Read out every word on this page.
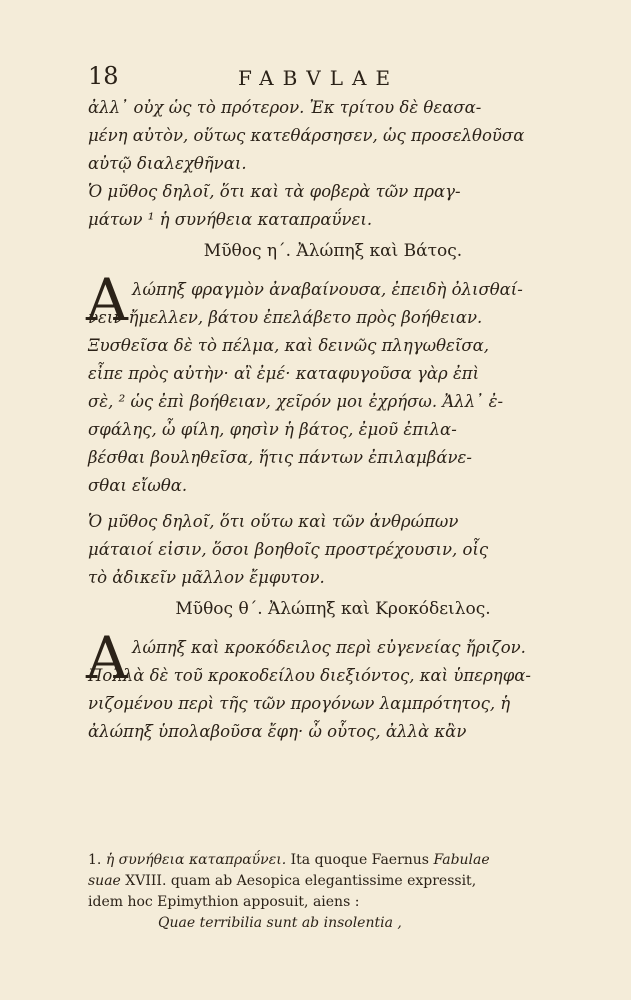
18	FABVLAE
ἀλλ᾽ οὐχ ὡς τὸ πρότερον. Ἐκ τρίτου δὲ θεασα-
μένη αὐτὸν, οὕτως κατεθάρσησεν, ὡς προσελθοῦσα
αὐτῷ διαλεχθῆναι.
Ὁ μῦθος δηλοῖ, ὅτι καὶ τὰ φοβερὰ τῶν πραγ-
μάτων ¹ ἡ συνήθεια καταπραΰνει.
Μῦθος η΄. Ἀλώπηξ καὶ Βάτος.
Α λώπηξ φραγμὸν ἀναβαίνουσα, ἐπειδὴ ὀλισθαί-
νειν ἤμελλεν, βάτου ἐπελάβετο πρὸς βοήθειαν.
Ξυσθεῖσα δὲ τὸ πέλμα, καὶ δεινῶς πληγωθεῖσα,
εἶπε πρὸς αὐτὴν· αἲ ἐμέ· καταφυγοῦσα γὰρ ἐπὶ
σὲ, ² ὡς ἐπὶ βοήθειαν, χεῖρόν μοι ἐχρήσω. Ἀλλ᾽ ἐ-
σφάλης, ὦ φίλη, φησὶν ἡ βάτος, ἐμοῦ ἐπιλα-
βέσθαι βουληθεῖσα, ἥτις πάντων ἐπιλαμβάνε-
σθαι εἴωθα.
Ὁ μῦθος δηλοῖ, ὅτι οὕτω καὶ τῶν ἀνθρώπων
μάταιοί εἰσιν, ὅσοι βοηθοῖς προστρέχουσιν, οἷς
τὸ ἀδικεῖν μᾶλλον ἔμφυτον.
Μῦθος θ΄. Ἀλώπηξ καὶ Κροκόδειλος.
Α λώπηξ καὶ κροκόδειλος περὶ εὐγενείας ἤριζον.
Πολλὰ δὲ τοῦ κροκοδείλου διεξιόντος, καὶ ὑπερηφα-
νιζομένου περὶ τῆς τῶν προγόνων λαμπρότητος, ἡ
ἀλώπηξ ὑπολαβοῦσα ἔφη· ὦ οὗτος, ἀλλὰ κἂν
1. ἡ συνήθεια καταπραΰνει. Ita quoque Faernus Fabulae
suae XVIII. quam ab Aesopica elegantissime expressit,
idem hoc Epimythion apposuit, aiens :
Quae terribilia sunt ab insolentia ,
